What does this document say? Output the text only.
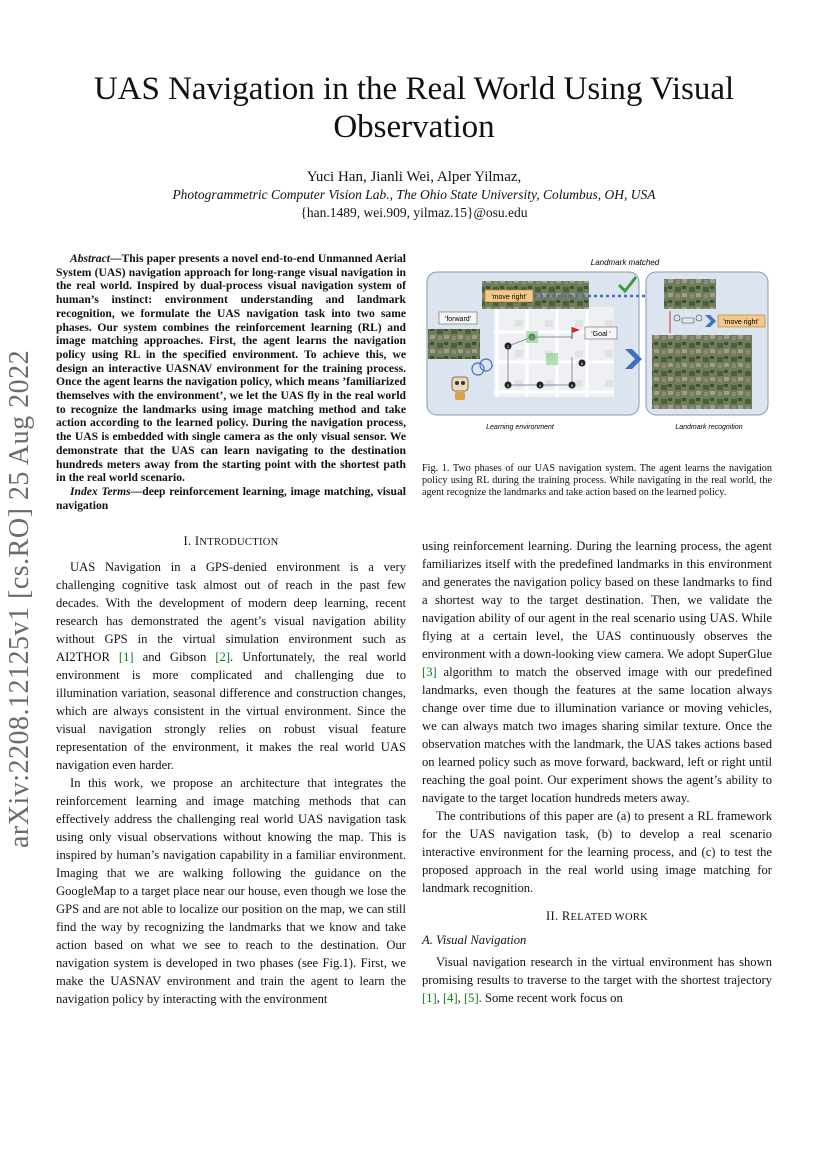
UAS Navigation in the Real World Using Visual
Observation
Yuci Han, Jianli Wei, Alper Yilmaz,
Photogrammetric Computer Vision Lab., The Ohio State University, Columbus, OH, USA
{han.1489, wei.909, yilmaz.15}@osu.edu
arXiv:2208.12125v1 [cs.RO] 25 Aug 2022

Abstract—This paper presents a novel end-to-end Unmanned Aerial System (UAS) navigation approach for long-range visual navigation in the real world. Inspired by dual-process visual navigation system of human’s instinct: environment understanding and landmark recognition, we formulate the UAS navigation task into two same phases. Our system combines the reinforcement learning (RL) and image matching approaches. First, the agent learns the navigation policy using RL in the specified environment. To achieve this, we design an interactive UASNAV environment for the training process. Once the agent learns the navigation policy, which means ’familiarized themselves with the environment’, we let the UAS fly in the real world to recognize the landmarks using image matching method and take action according to the learned policy. During the navigation process, the UAS is embedded with single camera as the only visual sensor. We demonstrate that the UAS can learn navigating to the destination hundreds meters away from the starting point with the shortest path in the real world scenario.

Index Terms—deep reinforcement learning, image matching, visual navigation

I. INTRODUCTION

UAS Navigation in a GPS-denied environment is a very challenging cognitive task almost out of reach in the past few decades. With the development of modern deep learning, recent research has demonstrated the agent’s visual navigation ability without GPS in the virtual simulation environment such as AI2THOR [1] and Gibson [2]. Unfortunately, the real world environment is more complicated and challenging due to illumination variation, seasonal difference and construction changes, which are always consistent in the virtual environment. Since the visual navigation strongly relies on robust visual feature representation of the environment, it makes the real world UAS navigation even harder.

In this work, we propose an architecture that integrates the reinforcement learning and image matching methods that can effectively address the challenging real world UAS navigation task using only visual observations without knowing the map. This is inspired by human’s navigation capability in a familiar environment. Imaging that we are walking following the guidance on the GoogleMap to a target place near our house, even though we lose the GPS and are not able to localize our position on the map, we can still find the way by recognizing the landmarks that we know and take action based on what we see to reach to the destination. Our navigation system is developed in two phases (see Fig.1). First, we make the UASNAV environment and train the agent to learn the navigation policy by interacting with the environment

Landmark matched
1
3	4	5
6
'forward'
'move right'
'Goal '
'move right'
Learning environment	Landmark recognition
Fig. 1. Two phases of our UAS navigation system. The agent learns the navigation policy using RL during the training process. While navigating in the real world, the agent recognize the landmarks and take action based on the learned policy.

using reinforcement learning. During the learning process, the agent familiarizes itself with the predefined landmarks in this environment and generates the navigation policy based on these landmarks to find a shortest way to the target destination. Then, we validate the navigation ability of our agent in the real scenario using UAS. While flying at a certain level, the UAS continuously observes the environment with a down-looking view camera. We adopt SuperGlue [3] algorithm to match the observed image with our predefined landmarks, even though the features at the same location always change over time due to illumination variance or moving vehicles, we can always match two images sharing similar texture. Once the observation matches with the landmark, the UAS takes actions based on learned policy such as move forward, backward, left or right until reaching the goal point. Our experiment shows the agent’s ability to navigate to the target location hundreds meters away.

The contributions of this paper are (a) to present a RL framework for the UAS navigation task, (b) to develop a real scenario interactive environment for the learning process, and (c) to test the proposed approach in the real world using image matching for landmark recognition.

II. RELATED WORK
A. Visual Navigation

Visual navigation research in the virtual environment has shown promising results to traverse to the target with the shortest trajectory [1], [4], [5]. Some recent work focus on
